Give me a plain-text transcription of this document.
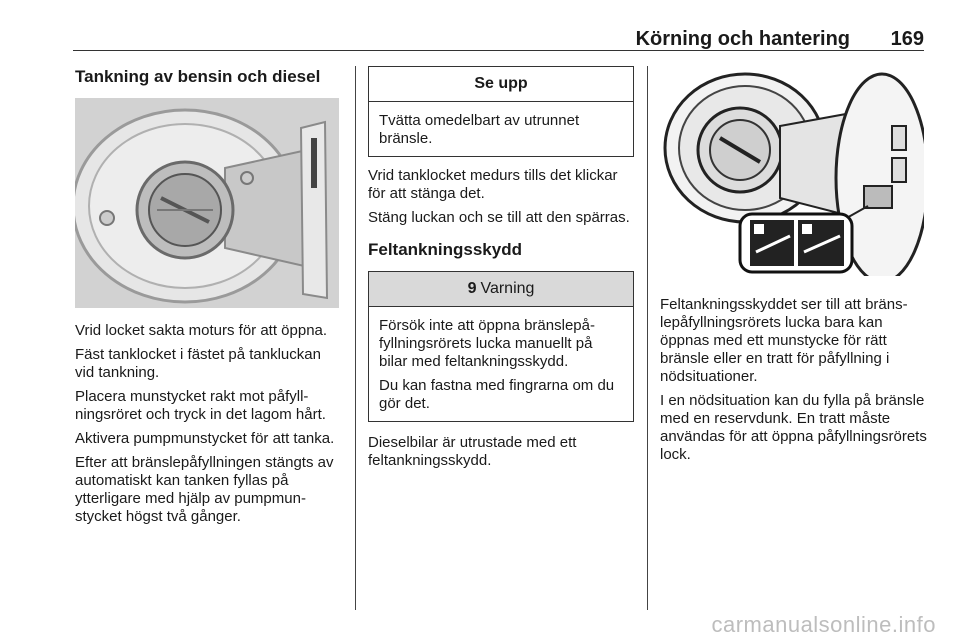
Körning och hantering 169
Tankning av bensin och diesel

Vrid locket sakta moturs för att öppna.

Fäst tanklocket i fästet på tankluckan vid tankning.

Placera munstycket rakt mot påfyllningsröret och tryck in det lagom hårt.

Aktivera pumpmunstycket för att tanka.

Efter att bränslepåfyllningen stängts av automatiskt kan tanken fyllas på ytterligare med hjälp av pumpmunstycket högst två gånger.

Se upp

Tvätta omedelbart av utrunnet bränsle.

Vrid tanklocket medurs tills det klickar för att stänga det.

Stäng luckan och se till att den spärras.

Feltankningsskydd
9 Varning

Försök inte att öppna bränslepåfyllningsrörets lucka manuellt på bilar med feltankningsskydd.

Du kan fastna med fingrarna om du gör det.

Dieselbilar är utrustade med ett feltankningsskydd.

Feltankningsskyddet ser till att bränslepåfyllningsrörets lucka bara kan öppnas med ett munstycke för rätt bränsle eller en tratt för påfyllning i nödsituationer.

I en nödsituation kan du fylla på bränsle med en reservdunk. En tratt måste användas för att öppna påfyllningsrörets lock.

carmanualsonline.info
